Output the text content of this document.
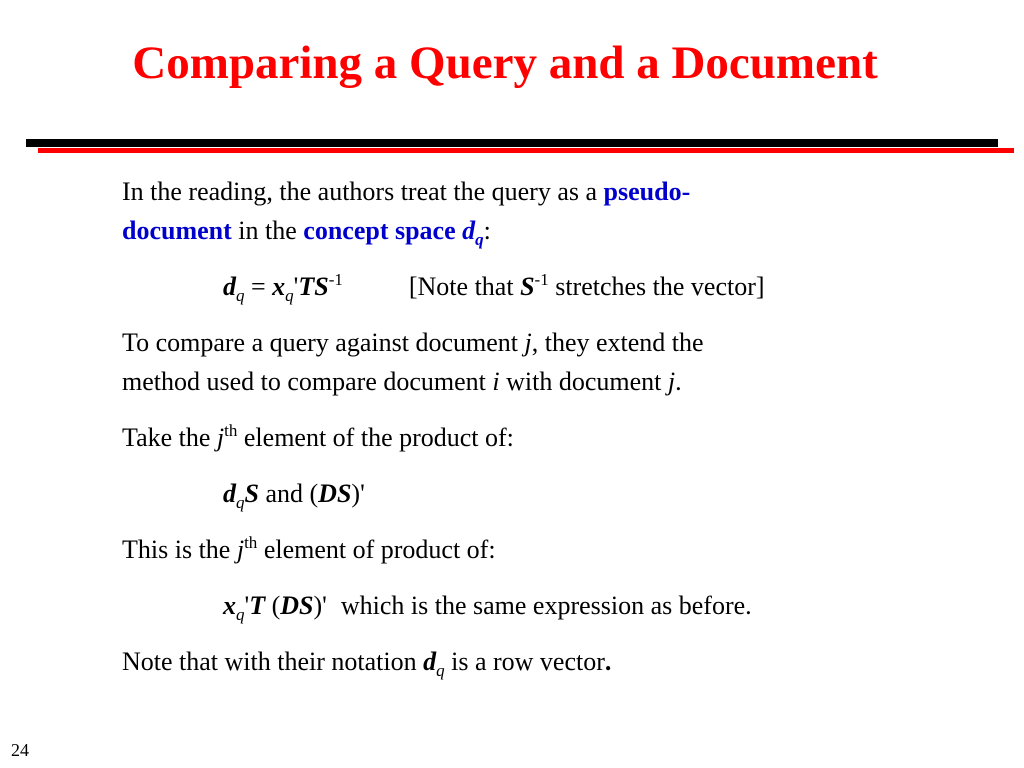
Comparing a Query and a Document

In the reading, the authors treat the query as a pseudo-
document in the concept space $d_q$:

$d_q = x_q'TS^{-1}$	[Note that $S^{-1}$ stretches the vector]

To compare a query against document j, they extend the
method used to compare document i with document j.

Take the $j^{th}$ element of the product of:

$d_qS$ and (DS)'

This is the $j^{th}$ element of product of:

$x_q'T$ (DS)' which is the same expression as before.

Note that with their notation $d_q$ is a row vector.

24
